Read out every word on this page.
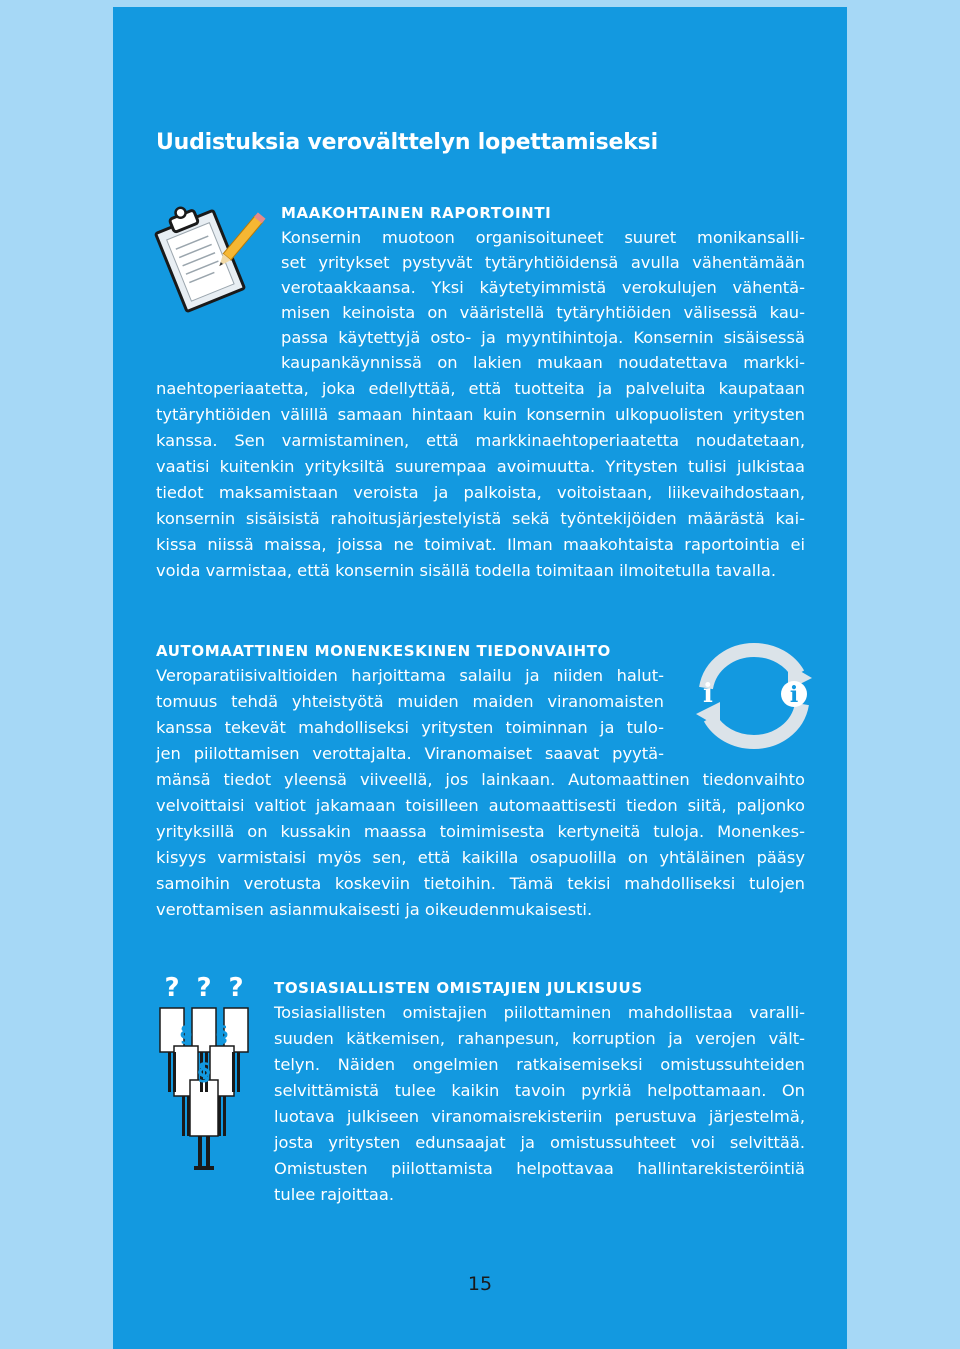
Uudistuksia verovälttelyn lopettamiseksi
MAAKOHTAINEN RAPORTOINTI
Konsernin muotoon organisoituneet suuret monikansalli-
set yritykset pystyvät tytäryhtiöidensä avulla vähentämään
verotaakkaansa. Yksi käytetyimmistä verokulujen vähentä-
misen keinoista on vääristellä tytäryhtiöiden välisessä kau-
passa käytettyjä osto- ja myyntihintoja. Konsernin sisäisessä
kaupankäynnissä on lakien mukaan noudatettava markki-
naehtoperiaatetta, joka edellyttää, että tuotteita ja palveluita kaupataan
tytäryhtiöiden välillä samaan hintaan kuin konsernin ulkopuolisten yritysten
kanssa. Sen varmistaminen, että markkinaehtoperiaatetta noudatetaan,
vaatisi kuitenkin yrityksiltä suurempaa avoimuutta. Yritysten tulisi julkistaa
tiedot maksamistaan veroista ja palkoista, voitoistaan, liikevaihdostaan,
konsernin sisäisistä rahoitusjärjestelyistä sekä työntekijöiden määrästä kai-
kissa niissä maissa, joissa ne toimivat. Ilman maakohtaista raportointia ei
voida varmistaa, että konsernin sisällä todella toimitaan ilmoitetulla tavalla.
AUTOMAATTINEN MONENKESKINEN TIEDONVAIHTO
Veroparatiisivaltioiden harjoittama salailu ja niiden halut-
tomuus tehdä yhteistyötä muiden maiden viranomaisten
kanssa tekevät mahdolliseksi yritysten toiminnan ja tulo-
jen piilottamisen verottajalta. Viranomaiset saavat pyytä-
mänsä tiedot yleensä viiveellä, jos lainkaan. Automaattinen tiedonvaihto
velvoittaisi valtiot jakamaan toisilleen automaattisesti tiedon siitä, paljonko
yrityksillä on kussakin maassa toimimisesta kertyneitä tuloja. Monenkes-
kisyys varmistaisi myös sen, että kaikilla osapuolilla on yhtäläinen pääsy
samoihin verotusta koskeviin tietoihin. Tämä tekisi mahdolliseksi tulojen
verottamisen asianmukaisesti ja oikeudenmukaisesti.
i	i
? ? ?
§ §
§
TOSIASIALLISTEN OMISTAJIEN JULKISUUS
Tosiasiallisten omistajien piilottaminen mahdollistaa varalli-
suuden kätkemisen, rahanpesun, korruption ja verojen vält-
telyn. Näiden ongelmien ratkaisemiseksi omistussuhteiden
selvittämistä tulee kaikin tavoin pyrkiä helpottamaan. On
luotava julkiseen viranomaisrekisteriin perustuva järjestelmä,
josta yritysten edunsaajat ja omistussuhteet voi selvittää.
Omistusten piilottamista helpottavaa hallintarekisteröintiä
tulee rajoittaa.
15
